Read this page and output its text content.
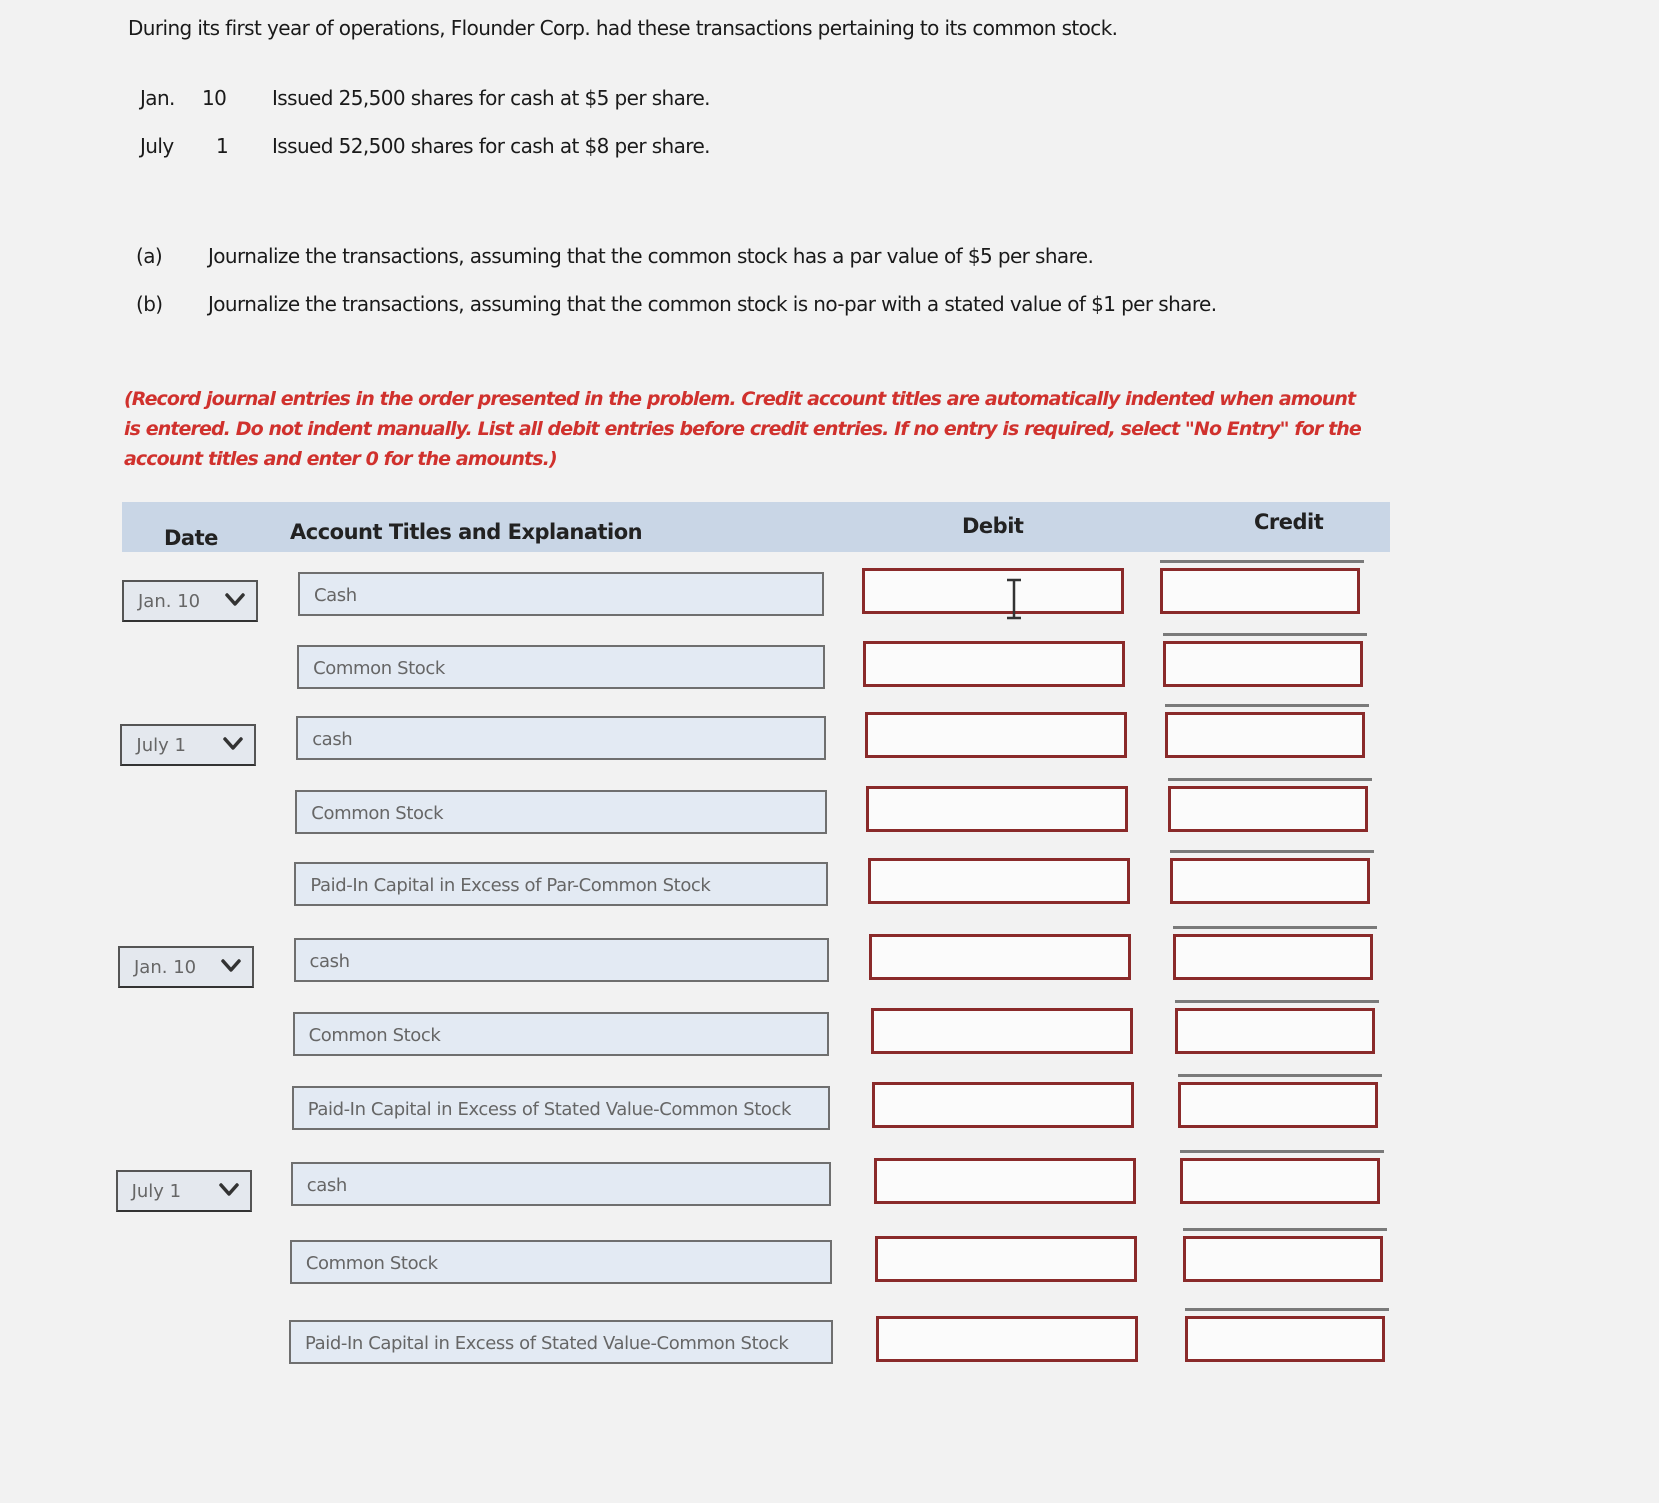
During its first year of operations, Flounder Corp. had these transactions pertaining to its common stock.
Jan. 10 Issued 25,500 shares for cash at $5 per share.
July 1 Issued 52,500 shares for cash at $8 per share.
(a) Journalize the transactions, assuming that the common stock has a par value of $5 per share.
(b) Journalize the transactions, assuming that the common stock is no-par with a stated value of $1 per share.
(Record journal entries in the order presented in the problem. Credit account titles are automatically indented when amount is entered. Do not indent manually. List all debit entries before credit entries. If no entry is required, select "No Entry" for the account titles and enter 0 for the amounts.)
Date	Account Titles and Explanation	Debit	Credit
Jan. 10	Cash
Common Stock
July 1	cash
Common Stock
Paid-In Capital in Excess of Par-Common Stock
Jan. 10	cash
Common Stock
Paid-In Capital in Excess of Stated Value-Common Stock
July 1	cash
Common Stock
Paid-In Capital in Excess of Stated Value-Common Stock
